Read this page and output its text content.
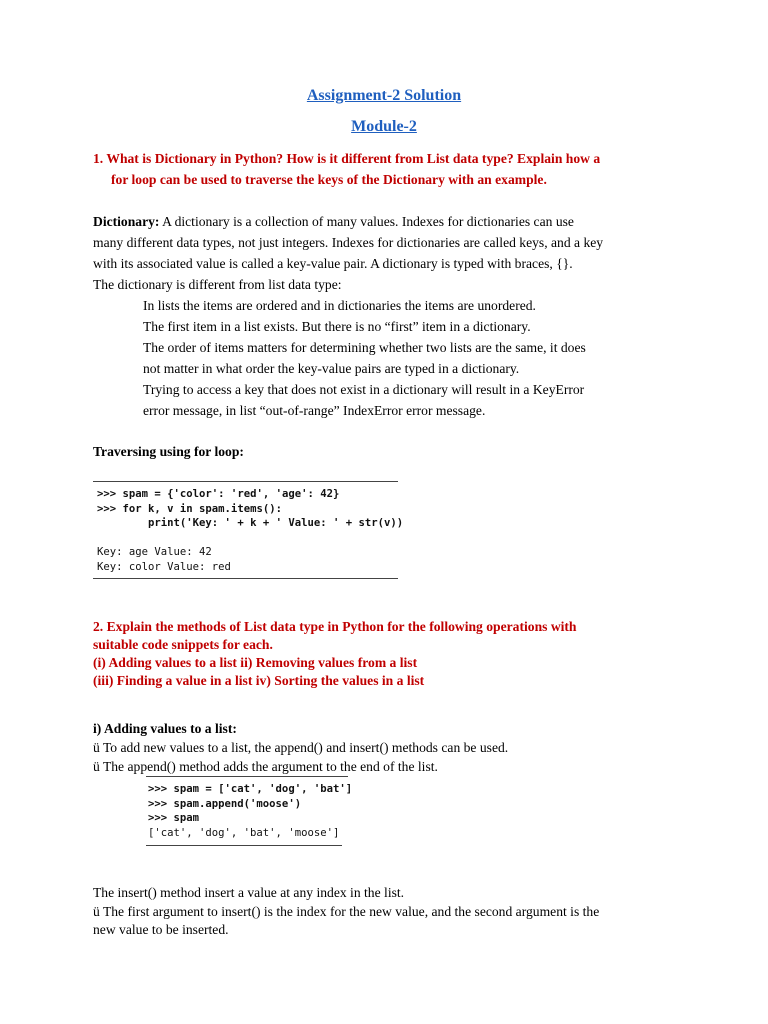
Assignment-2 Solution
Module-2
1. What is Dictionary in Python? How is it different from List data type? Explain how a
for loop can be used to traverse the keys of the Dictionary with an example.
Dictionary: A dictionary is a collection of many values. Indexes for dictionaries can use
many different data types, not just integers. Indexes for dictionaries are called keys, and a key
with its associated value is called a key-value pair. A dictionary is typed with braces, {}.
The dictionary is different from list data type:
In lists the items are ordered and in dictionaries the items are unordered.
The first item in a list exists. But there is no “first” item in a dictionary.
The order of items matters for determining whether two lists are the same, it does
not matter in what order the key-value pairs are typed in a dictionary.
Trying to access a key that does not exist in a dictionary will result in a KeyError
error message, in list “out-of-range” IndexError error message.
Traversing using for loop:
>>> spam = {'color': 'red', 'age': 42}
>>> for k, v in spam.items():
print('Key: ' + k + ' Value: ' + str(v))
Key: age Value: 42
Key: color Value: red
2. Explain the methods of List data type in Python for the following operations with
suitable code snippets for each.
(i) Adding values to a list ii) Removing values from a list
(iii) Finding a value in a list iv) Sorting the values in a list
i) Adding values to a list:
ü To add new values to a list, the append() and insert() methods can be used.
ü The append() method adds the argument to the end of the list.
>>> spam = ['cat', 'dog', 'bat']
>>> spam.append('moose')
>>> spam
['cat', 'dog', 'bat', 'moose']
The insert() method insert a value at any index in the list.
ü The first argument to insert() is the index for the new value, and the second argument is the
new value to be inserted.
